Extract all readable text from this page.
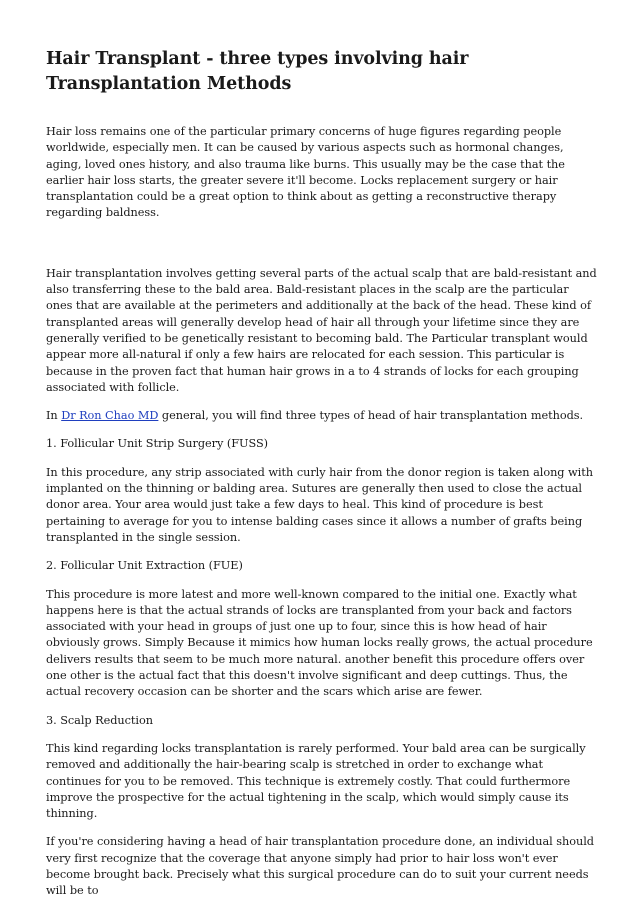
Hair Transplant - three types involving hair Transplantation Methods

Hair loss remains one of the particular primary concerns of huge figures regarding people worldwide, especially men. It can be caused by various aspects such as hormonal changes, aging, loved ones history, and also trauma like burns. This usually may be the case that the earlier hair loss starts, the greater severe it'll become. Locks replacement surgery or hair transplantation could be a great option to think about as getting a reconstructive therapy regarding baldness.

Hair transplantation involves getting several parts of the actual scalp that are bald-resistant and also transferring these to the bald area. Bald-resistant places in the scalp are the particular ones that are available at the perimeters and additionally at the back of the head. These kind of transplanted areas will generally develop head of hair all through your lifetime since they are generally verified to be genetically resistant to becoming bald. The Particular transplant would appear more all-natural if only a few hairs are relocated for each session. This particular is because in the proven fact that human hair grows in a to 4 strands of locks for each grouping associated with follicle.

In Dr Ron Chao MD general, you will find three types of head of hair transplantation methods.

1. Follicular Unit Strip Surgery (FUSS)

In this procedure, any strip associated with curly hair from the donor region is taken along with implanted on the thinning or balding area. Sutures are generally then used to close the actual donor area. Your area would just take a few days to heal. This kind of procedure is best pertaining to average for you to intense balding cases since it allows a number of grafts being transplanted in the single session.

2. Follicular Unit Extraction (FUE)

This procedure is more latest and more well-known compared to the initial one. Exactly what happens here is that the actual strands of locks are transplanted from your back and factors associated with your head in groups of just one up to four, since this is how head of hair obviously grows. Simply Because it mimics how human locks really grows, the actual procedure delivers results that seem to be much more natural. another benefit this procedure offers over one other is the actual fact that this doesn't involve significant and deep cuttings. Thus, the actual recovery occasion can be shorter and the scars which arise are fewer.

3. Scalp Reduction

This kind regarding locks transplantation is rarely performed. Your bald area can be surgically removed and additionally the hair-bearing scalp is stretched in order to exchange what continues for you to be removed. This technique is extremely costly. That could furthermore improve the prospective for the actual tightening in the scalp, which would simply cause its thinning.

If you're considering having a head of hair transplantation procedure done, an individual should very first recognize that the coverage that anyone simply had prior to hair loss won't ever become brought back. Precisely what this surgical procedure can do to suit your current needs will be to
